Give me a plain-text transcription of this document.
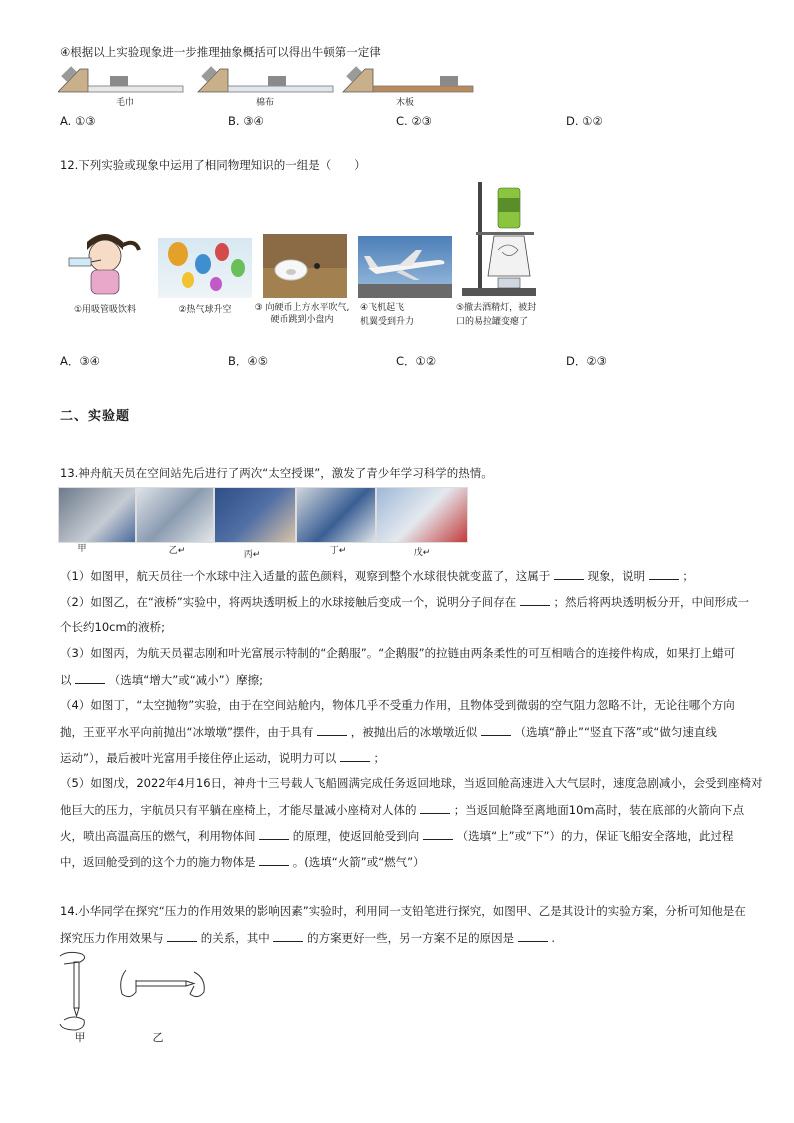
④根据以上实验现象进一步推理抽象概括可以得出牛顿第一定律
毛巾	棉布	木板
A. ①③	B. ③④	C. ②③	D. ①②
12.下列实验或现象中运用了相同物理知识的一组是（　　）
①用吸管吸饮料	②热气球升空	③ 向硬币上方水平吹气,
硬币跳到小盘内
④飞机起飞
机翼受到升力
⑤撤去酒精灯，被封
口的易拉罐变瘪了
A．③④	B．④⑤	C．①②	D．②③
二、实验题
13.神舟航天员在空间站先后进行了两次“太空授课”，激发了青少年学习科学的热情。
甲	乙↵	丙↵	丁↵	戊↵
（1）如图甲，航天员往一个水球中注入适量的蓝色颜料，观察到整个水球很快就变蓝了，这属于	现象，说明	；
（2）如图乙，在“液桥”实验中，将两块透明板上的水球接触后变成一个，说明分子间存在	；然后将两块透明板分开，中间形成一
个长约10cm的液桥;
（3）如图丙，为航天员翟志刚和叶光富展示特制的“企鹅服”。“企鹅服”的拉链由两条柔性的可互相啮合的连接件构成，如果打上蜡可
以	（选填“增大”或“减小”）摩擦;
（4）如图丁，“太空抛物”实验，由于在空间站舱内，物体几乎不受重力作用，且物体受到微弱的空气阻力忽略不计，无论往哪个方向
抛，王亚平水平向前抛出“冰墩墩”摆件，由于具有	，被抛出后的冰墩墩近似	（选填“静止”“竖直下落”或“做匀速直线
运动”），最后被叶光富用手接住停止运动，说明力可以	；
（5）如图戊，2022年4月16日，神舟十三号载人飞船圆满完成任务返回地球，当返回舱高速进入大气层时，速度急剧减小，会受到座椅对
他巨大的压力，宇航员只有平躺在座椅上，才能尽量减小座椅对人体的	；当返回舱降至离地面10m高时，装在底部的火箭向下点
火，喷出高温高压的燃气，利用物体间	的原理，使返回舱受到向	（选填“上”或“下”）的力，保证飞船安全落地，此过程
中，返回舱受到的这个力的施力物体是	。(选填“火箭”或“燃气”）
14.小华同学在探究“压力的作用效果的影响因素”实验时，利用同一支铅笔进行探究，如图甲、乙是其设计的实验方案，分析可知他是在
探究压力作用效果与	的关系，其中	的方案更好一些，另一方案不足的原因是	.
甲	乙
